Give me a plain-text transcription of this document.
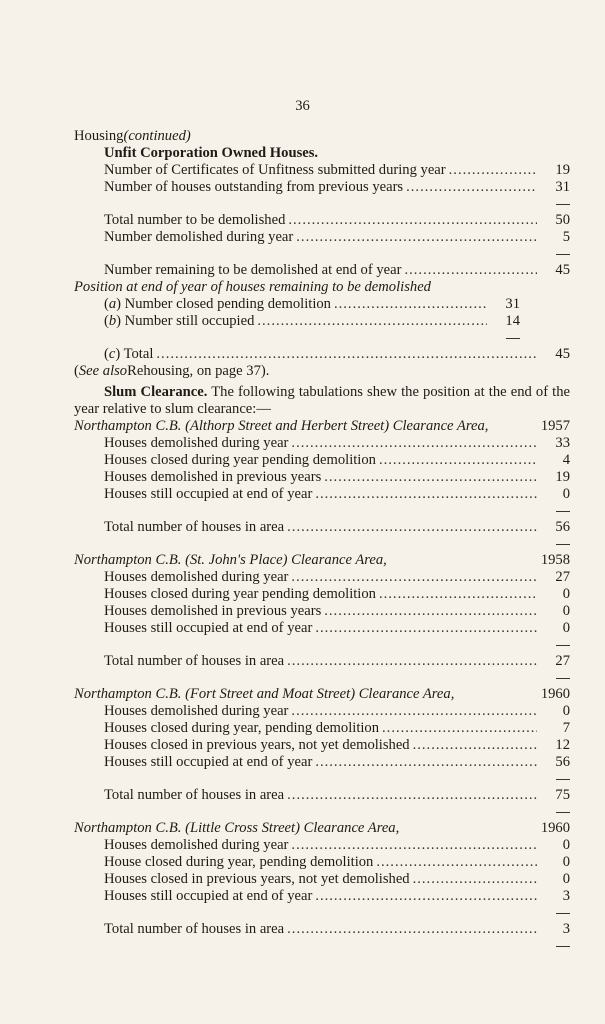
36
Housing (continued)
Unfit Corporation Owned Houses.
Number of Certificates of Unfitness submitted during year .....	19
Number of houses outstanding from previous years .....	31
Total number to be demolished .....	50
Number demolished during year .....	5
Number remaining to be demolished at end of year .....	45
Position at end of year of houses remaining to be demolished
(a) Number closed pending demolition .....	31
(b) Number still occupied .....	14
(c) Total .....	45
( See also Rehousing, on page 37).
Slum Clearance. The following tabulations shew the position at the end of the year relative to slum clearance:—
Northampton C.B. (Althorp Street and Herbert Street) Clearance Area,	1957
Houses demolished during year .....	33
Houses closed during year pending demolition .....	4
Houses demolished in previous years .....	19
Houses still occupied at end of year .....	0
Total number of houses in area .....	56
Northampton C.B. (St. John's Place) Clearance Area,	1958
Houses demolished during year .....	27
Houses closed during year pending demolition .....	0
Houses demolished in previous years .....	0
Houses still occupied at end of year .....	0
Total number of houses in area .....	27
Northampton C.B. (Fort Street and Moat Street) Clearance Area,	1960
Houses demolished during year .....	0
Houses closed during year, pending demolition .....	7
Houses closed in previous years, not yet demolished .....	12
Houses still occupied at end of year .....	56
Total number of houses in area .....	75
Northampton C.B. (Little Cross Street) Clearance Area,	1960
Houses demolished during year .....	0
House closed during year, pending demolition .....	0
Houses closed in previous years, not yet demolished .....	0
Houses still occupied at end of year .....	3
Total number of houses in area .....	3
